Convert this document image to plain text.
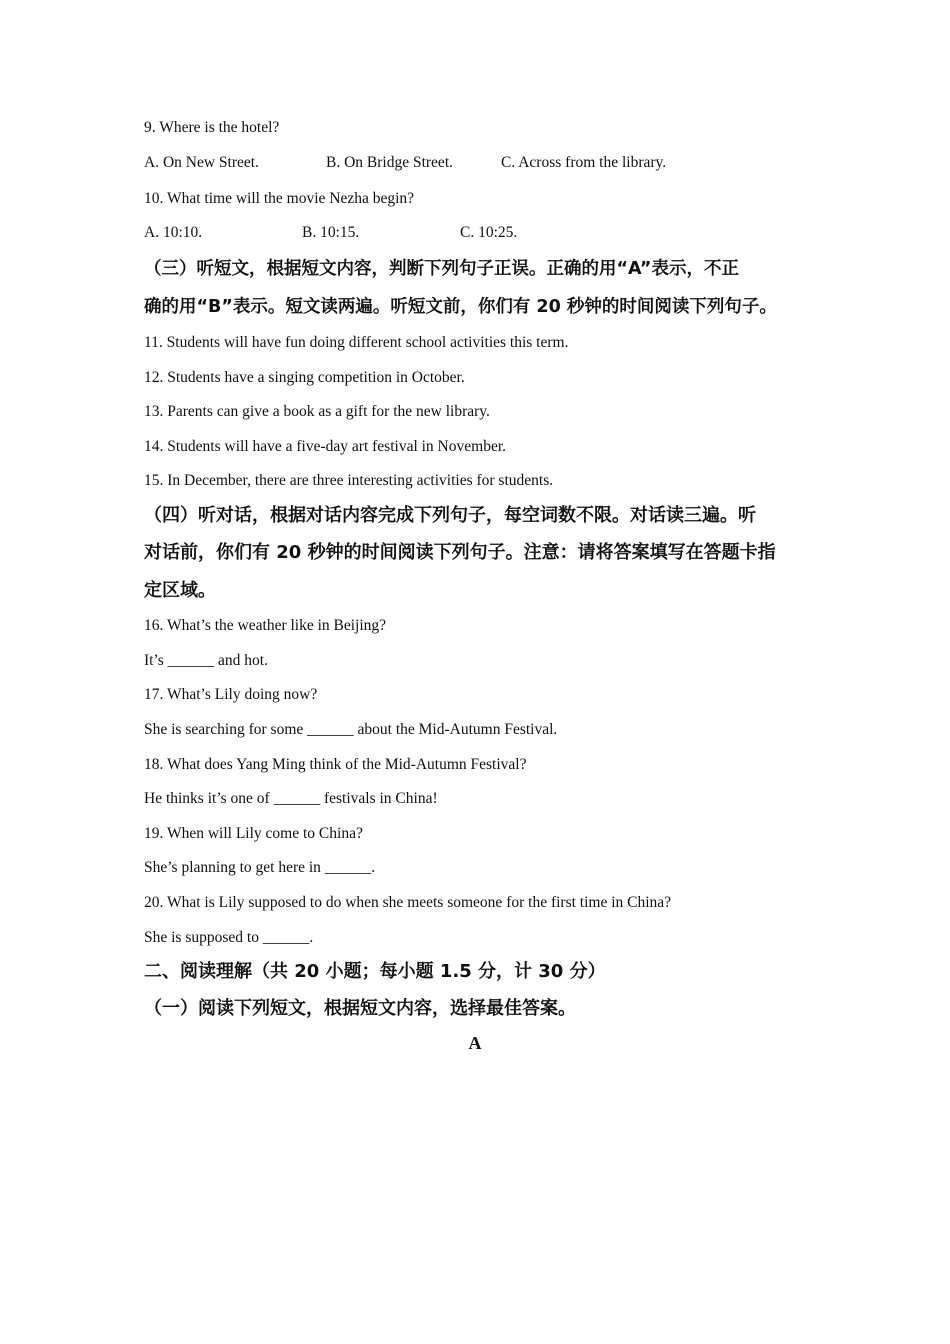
9. Where is the hotel?
A. On New Street.	B. On Bridge Street.	C. Across from the library.
10. What time will the movie Nezha begin?
A. 10:10.	B. 10:15.	C. 10:25.
（三）听短文，根据短文内容，判断下列句子正误。正确的用“A”表示，不正
确的用“B”表示。短文读两遍。听短文前，你们有 20 秒钟的时间阅读下列句子。
11. Students will have fun doing different school activities this term.
12. Students have a singing competition in October.
13. Parents can give a book as a gift for the new library.
14. Students will have a five-day art festival in November.
15. In December, there are three interesting activities for students.
（四）听对话，根据对话内容完成下列句子，每空词数不限。对话读三遍。听
对话前，你们有 20 秒钟的时间阅读下列句子。注意：请将答案填写在答题卡指
定区域。
16. What’s the weather like in Beijing?
It’s ______ and hot.
17. What’s Lily doing now?
She is searching for some ______ about the Mid-Autumn Festival.
18. What does Yang Ming think of the Mid-Autumn Festival?
He thinks it’s one of ______ festivals in China!
19. When will Lily come to China?
She’s planning to get here in ______.
20. What is Lily supposed to do when she meets someone for the first time in China?
She is supposed to ______.
二、阅读理解（共 20 小题；每小题 1.5 分，计 30 分）
（一）阅读下列短文，根据短文内容，选择最佳答案。
A
